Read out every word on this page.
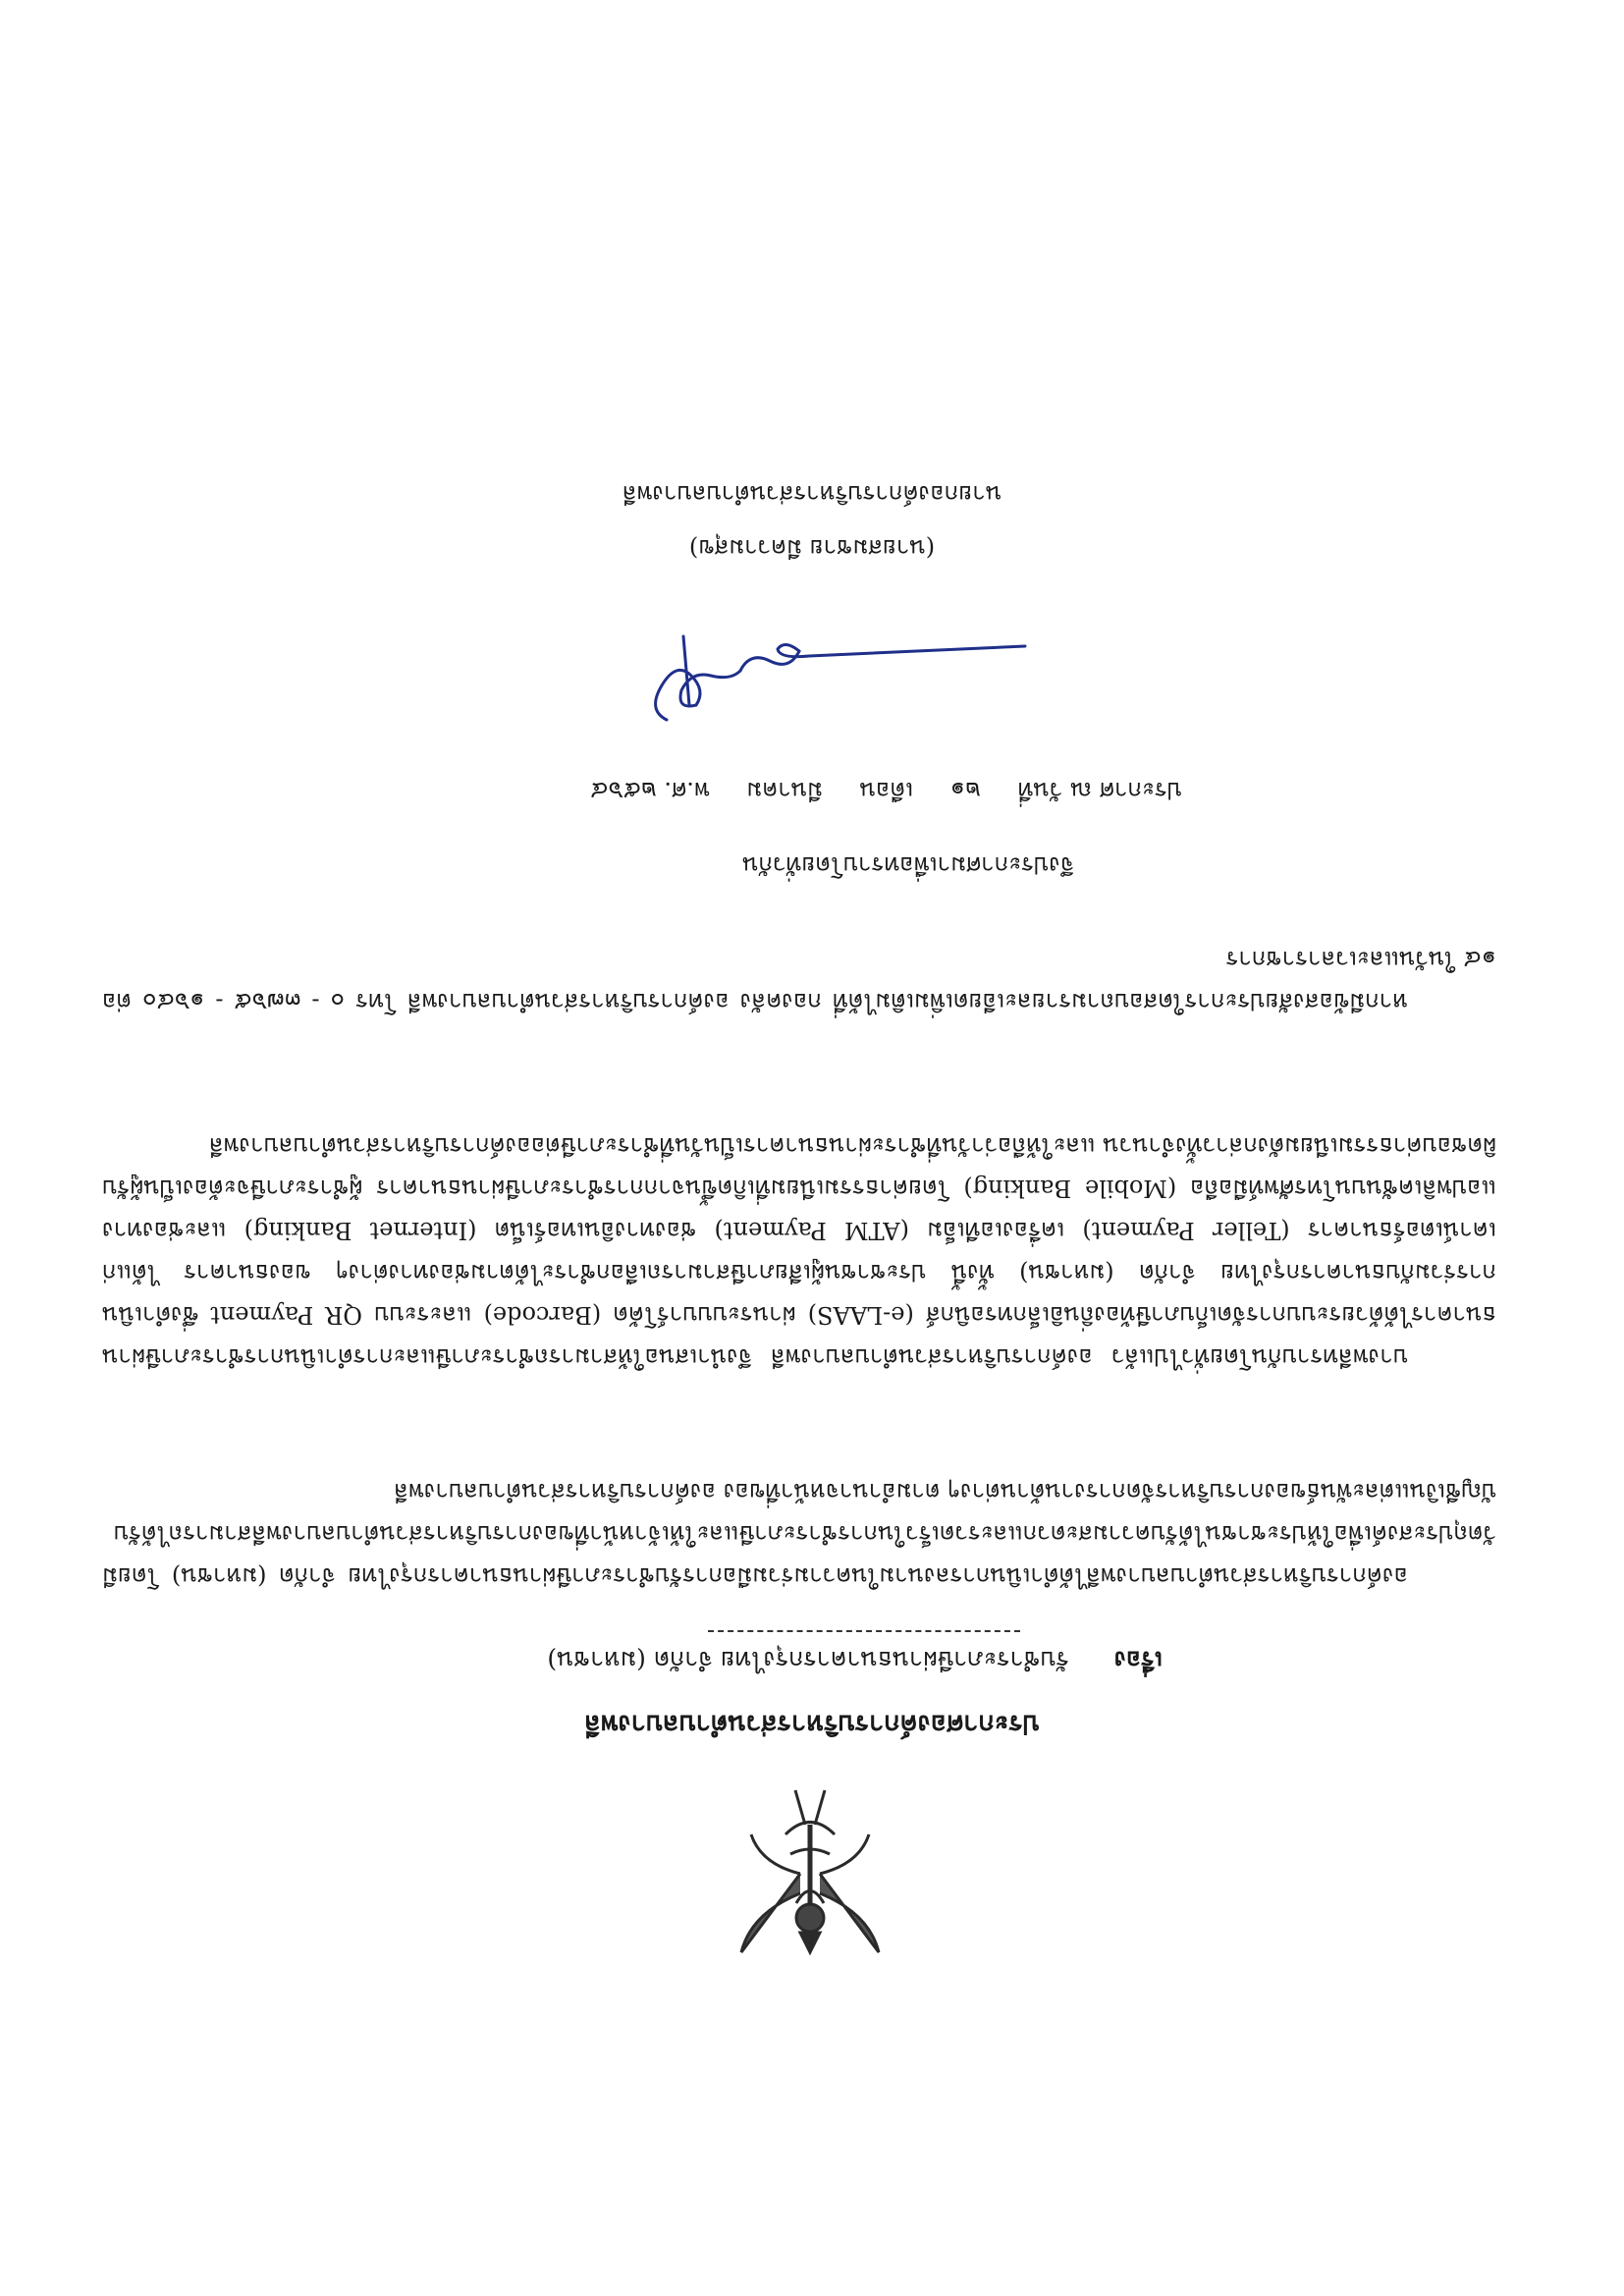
ประกาศองค์การบริหารส่วนตำบลบางพลี
เรื่อง รับชำระภาษีผ่านธนาคารกรุงไทย จำกัด (มหาชน)

องค์การบริหารส่วนตำบลบางพลีได้ดำเนินการลงนามในความร่วมมือการรับชำระภาษีผ่านธนาคารกรุงไทย จำกัด (มหาชน) โดยมีวัตถุประสงค์เพื่อให้ประชาชนได้รับความสะดวกและรวดเร็วในการชำระภาษีและให้เจ้าหน้าที่ของการบริหารส่วนตำบลบางพลีสามารถได้รับบัญชีเงินแต่ละพันธ์ของการบริหารจัดการงานด้านต่างๆ ตามอำนาจหน้าที่ของ องค์การบริหารส่วนตำบลบางพลี

บางพลีทราบกันโดยทั่วไปแล้ว องค์การบริหารส่วนตำบลบางพลี จึงนำเสนอให้สามารถชำระภาษีและการดำเนินการชำระภาษีผ่านธนาคารได้ด้วยระบบการจัดเก็บภาษีท้องถิ่นอิเล็กทรอนิกส์ (e-LAAS) ผ่านระบบบาร์โค้ด (Barcode) และระบบ QR Payment ซึ่งดำเนินการร่วมกับธนาคารกรุงไทย จำกัด (มหาชน) ทั้งนี้ ประชาชนผู้เสียภาษีสามารถเลือกชำระได้ตามช่องทางต่างๆ ของธนาคาร ได้แก่ เคาน์เตอร์ธนาคาร (Teller Payment) เครื่องเอทีเอ็ม (ATM Payment) ช่องทางอินเทอร์เน็ต (Internet Banking) และช่องทางแอปพลิเคชันบนโทรศัพท์มือถือ (Mobile Banking) โดยค่าธรรมเนียมที่เกิดขึ้นจากการชำระภาษีผ่านธนาคาร ผู้ชำระภาษีจะต้องเป็นผู้รับผิดชอบค่าธรรมเนียมดังกล่าวทั้งจำนวน และให้ถือว่าวันที่ชำระผ่านธนาคารเป็นวันที่ชำระภาษีต่อองค์การบริหารส่วนตำบลบางพลี

หากมีข้อสงสัยประการใดสอบถามรายละเอียดเพิ่มเติมได้ที่ กองคลัง องค์การบริหารส่วนตำบลบางพลี โทร ๐ - ๓๗๖๕ - ๑๖๔๐ ต่อ ๑๔ ในวันและเวลาราชการ

จึงประกาศมาเพื่อทราบโดยทั่วกัน
ประกาศ ณ วันที่ ๒๑ เดือน มีนาคม พ.ศ. ๒๕๖๔
(นายสมชาย มีความสุข)
นายกองค์การบริหารส่วนตำบลบางพลี
